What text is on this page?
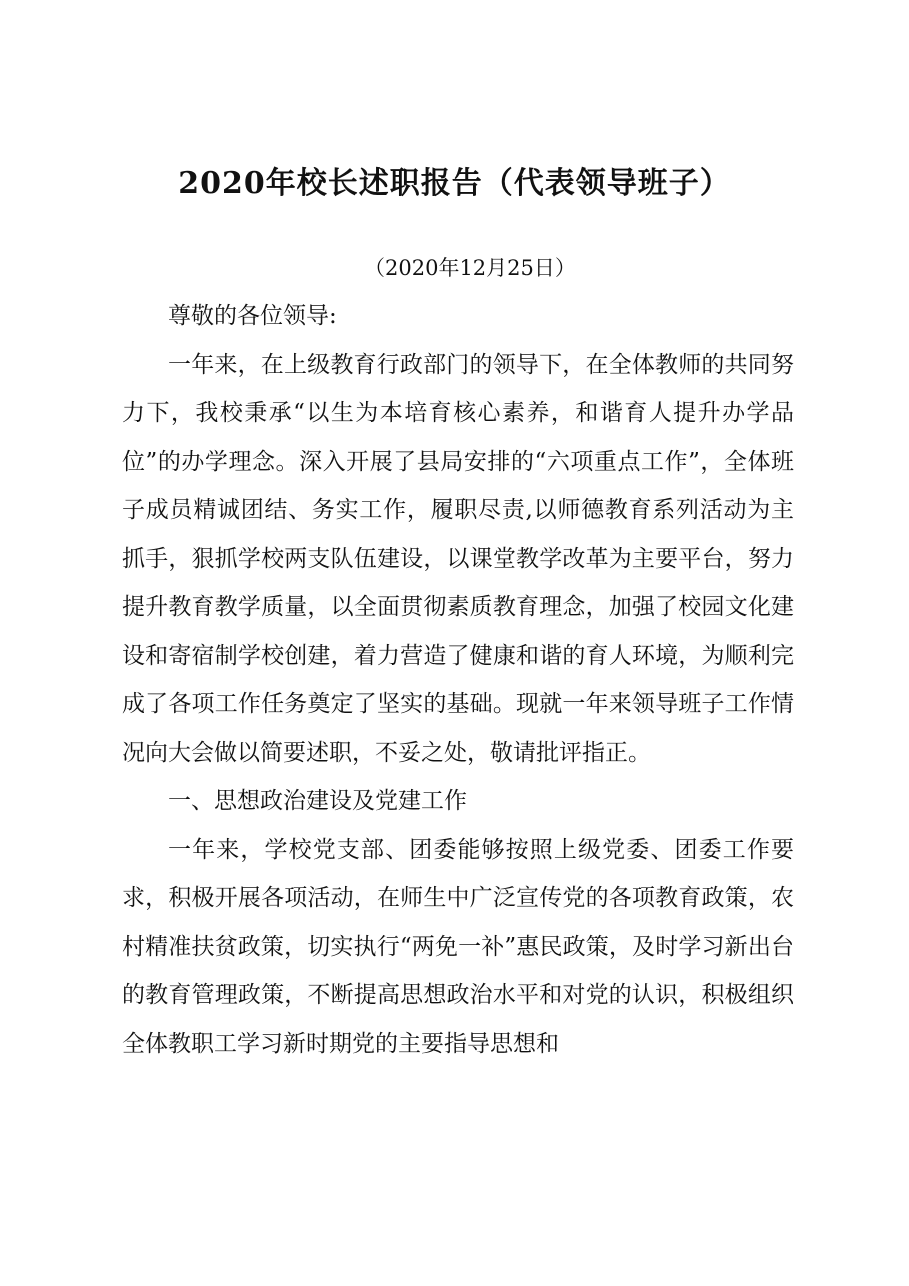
2020年校长述职报告（代表领导班子）
（2020年12月25日）

尊敬的各位领导:

一年来，在上级教育行政部门的领导下，在全体教师的共同努力下，我校秉承“以生为本培育核心素养，和谐育人提升办学品位”的办学理念。深入开展了县局安排的“六项重点工作”，全体班子成员精诚团结、务实工作，履职尽责,以师德教育系列活动为主抓手，狠抓学校两支队伍建设，以课堂教学改革为主要平台，努力提升教育教学质量，以全面贯彻素质教育理念，加强了校园文化建设和寄宿制学校创建，着力营造了健康和谐的育人环境，为顺利完成了各项工作任务奠定了坚实的基础。现就一年来领导班子工作情况向大会做以简要述职，不妥之处，敬请批评指正。

一、思想政治建设及党建工作

一年来，学校党支部、团委能够按照上级党委、团委工作要求，积极开展各项活动，在师生中广泛宣传党的各项教育政策，农村精准扶贫政策，切实执行“两免一补”惠民政策，及时学习新出台的教育管理政策，不断提高思想政治水平和对党的认识，积极组织全体教职工学习新时期党的主要指导思想和
